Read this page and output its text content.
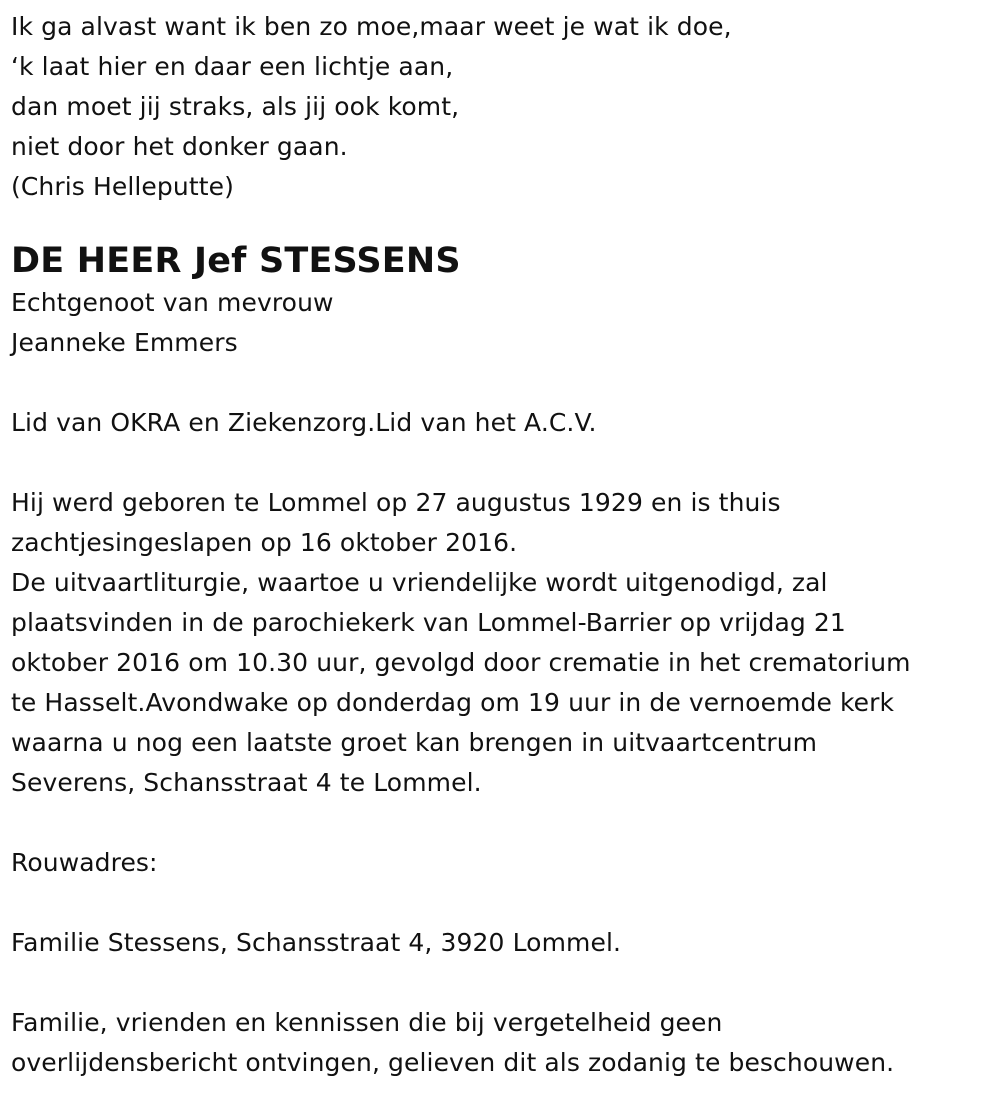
Ik ga alvast want ik ben zo moe,maar weet je wat ik doe,
‘k laat hier en daar een lichtje aan,
dan moet jij straks, als jij ook komt,
niet door het donker gaan.
(Chris Helleputte)
DE HEER Jef STESSENS
Echtgenoot van mevrouw
Jeanneke Emmers
Lid van OKRA en Ziekenzorg.Lid van het A.C.V.
Hij werd geboren te Lommel op 27 augustus 1929 en is thuis
zachtjesingeslapen op 16 oktober 2016.
De uitvaartliturgie, waartoe u vriendelijke wordt uitgenodigd, zal
plaatsvinden in de parochiekerk van Lommel-Barrier op vrijdag 21
oktober 2016 om 10.30 uur, gevolgd door crematie in het crematorium
te Hasselt.Avondwake op donderdag om 19 uur in de vernoemde kerk
waarna u nog een laatste groet kan brengen in uitvaartcentrum
Severens, Schansstraat 4 te Lommel.
Rouwadres:
Familie Stessens, Schansstraat 4, 3920 Lommel.
Familie, vrienden en kennissen die bij vergetelheid geen
overlijdensbericht ontvingen, gelieven dit als zodanig te beschouwen.
